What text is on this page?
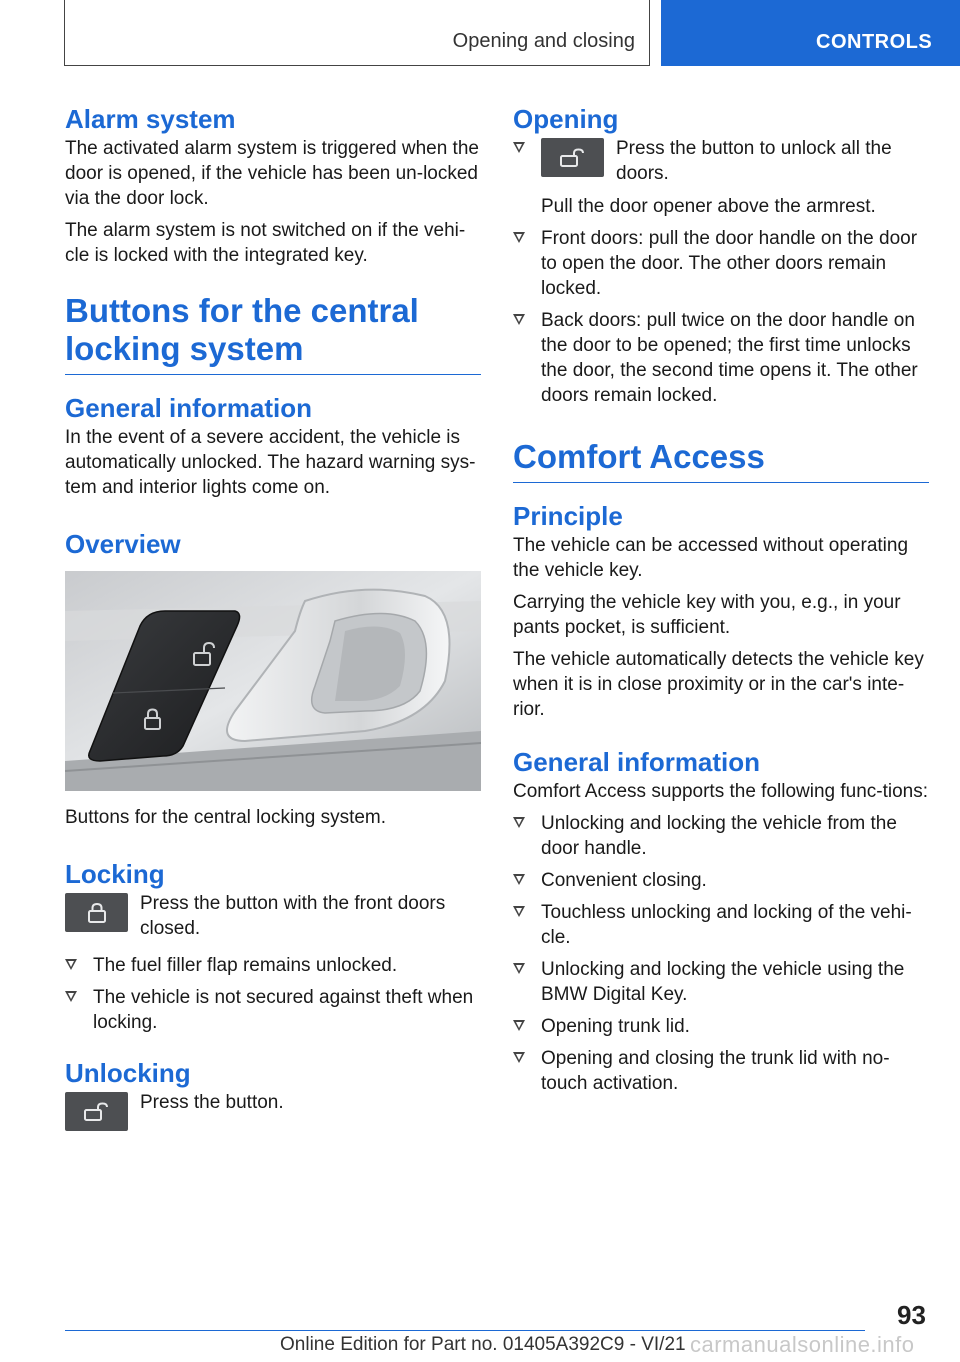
Opening and closing	CONTROLS
Alarm system

The activated alarm system is triggered when the door is opened, if the vehicle has been un-locked via the door lock.

The alarm system is not switched on if the vehi-cle is locked with the integrated key.

Buttons for the central locking system
General information

In the event of a severe accident, the vehicle is automatically unlocked. The hazard warning sys-tem and interior lights come on.

Overview

Buttons for the central locking system.

Locking

Press the button with the front doors closed.

The fuel filler flap remains unlocked.
The vehicle is not secured against theft when locking.
Unlocking

Press the button.

Opening
Press the button to unlock all the doors.
Pull the door opener above the armrest.
Front doors: pull the door handle on the door to open the door. The other doors remain locked.
Back doors: pull twice on the door handle on the door to be opened; the first time unlocks the door, the second time opens it. The other doors remain locked.
Comfort Access
Principle

The vehicle can be accessed without operating the vehicle key.

Carrying the vehicle key with you, e.g., in your pants pocket, is sufficient.

The vehicle automatically detects the vehicle key when it is in close proximity or in the car's inte-rior.

General information

Comfort Access supports the following func-tions:

Unlocking and locking the vehicle from the door handle.
Convenient closing.
Touchless unlocking and locking of the vehi-cle.
Unlocking and locking the vehicle using the BMW Digital Key.
Opening trunk lid.
Opening and closing the trunk lid with no-touch activation.
93
Online Edition for Part no. 01405A392C9 - VI/21 carmanualsonline.info
